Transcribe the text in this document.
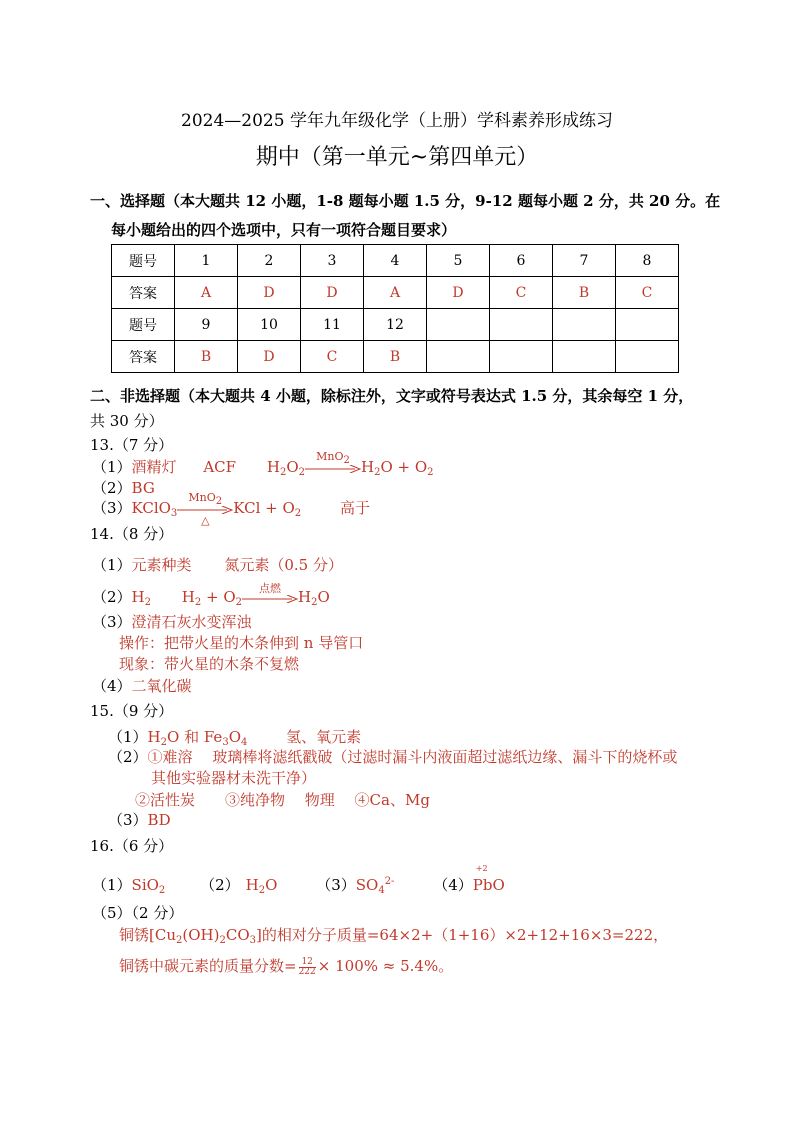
2024—2025 学年九年级化学（上册）学科素养形成练习
期中（第一单元~第四单元）
一、选择题（本大题共 12 小题，1-8 题每小题 1.5 分，9-12 题每小题 2 分，共 20 分。在
每小题给出的四个选项中，只有一项符合题目要求）
题号	1	2	3	4	5	6	7	8
答案	A	D	D	A	D	C	B	C
题号	9	10	11	12				
答案	B	D	C	B				
二、非选择题（本大题共 4 小题，除标注外，文字或符号表达式 1.5 分，其余每空 1 分，
共 30 分）
13.（7 分）
（1）酒精灯 ACF $H_2O_2$
MnO$_2$ $H_2O + O_2$
（2）BG
（3）KClO$_3$
MnO$_2$
△
KCl + $O_2$	高于
14.（8 分）
（1）元素种类 氮元素（0.5 分）
$(2)H_2$ $H_2 + O_2$
点燃	$H_2O$
（3）澄清石灰水变浑浊
操作：把带火星的木条伸到 n 导管口
现象：带火星的木条不复燃
（4）二氧化碳
15.（9 分）
$(1)H_2O$ 和 $Fe_3O_4$	氢、氧元素
（2）①难溶　 玻璃棒将滤纸戳破（过滤时漏斗内液面超过滤纸边缘、漏斗下的烧杯或
其他实验器材未洗干净）
②活性炭　　③纯净物　 物理　 ④Ca、Mg
（3）BD
16.（6 分）
（1）SiO$_2$ （2） $H_2O$	$(3)SO_4^{2-}$	（4）
+2
PbO
（5）（2 分）
铜锈$[Cu_2(OH)_2CO_3]$的相对分子质量=64×2+（1+16）×2+12+16×3=222，
铜锈中碳元素的质量分数= $\frac{12}{222} \times 100\% \approx 5.4\%$。
